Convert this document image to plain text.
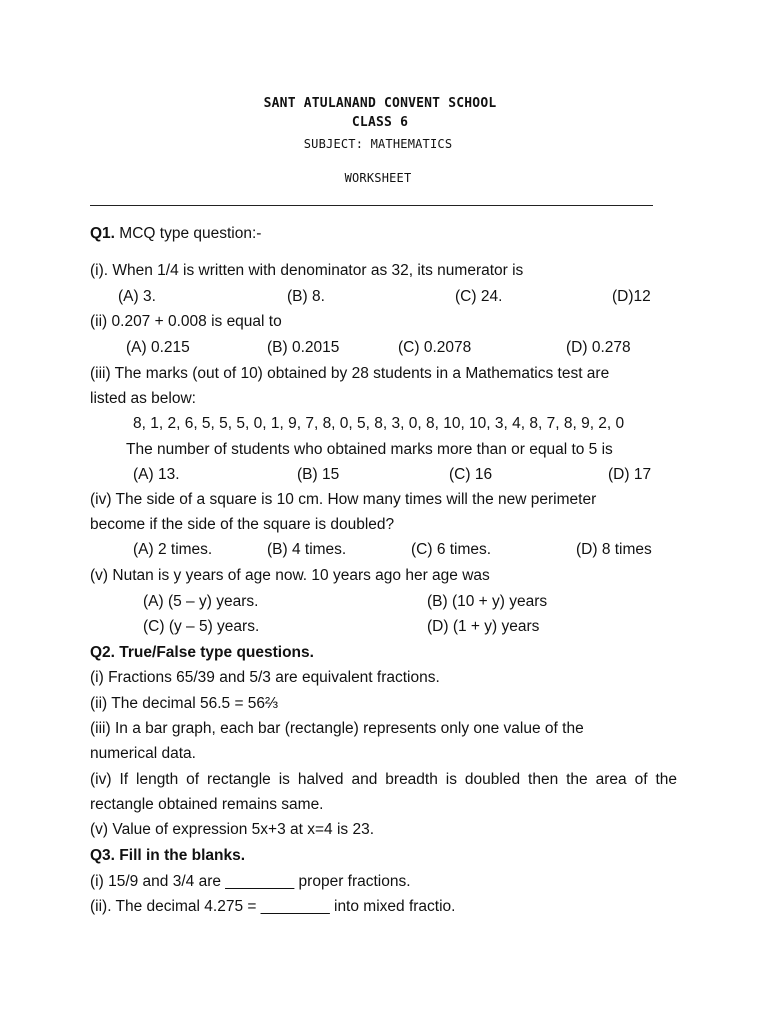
SANT ATULANAND CONVENT SCHOOL
CLASS 6
SUBJECT: MATHEMATICS
WORKSHEET
Q1. MCQ type question:-
(i). When 1/4 is written with denominator as 32, its numerator is
(A) 3.	(B) 8.	(C) 24.	(D)12
(ii) 0.207 + 0.008 is equal to
(A) 0.215	(B) 0.2015	(C) 0.2078	(D) 0.278
(iii) The marks (out of 10) obtained by 28 students in a Mathematics test are
listed as below:
8, 1, 2, 6, 5, 5, 5, 0, 1, 9, 7, 8, 0, 5, 8, 3, 0, 8, 10, 10, 3, 4, 8, 7, 8, 9, 2, 0
The number of students who obtained marks more than or equal to 5 is
(A) 13.	(B) 15	(C) 16	(D) 17
(iv) The side of a square is 10 cm. How many times will the new perimeter
become if the side of the square is doubled?
(A) 2 times.	(B) 4 times.	(C) 6 times.	(D) 8 times
(v) Nutan is y years of age now. 10 years ago her age was
(A) (5 – y) years.	(B) (10 + y) years
(C) (y – 5) years.	(D) (1 + y) years
Q2. True/False type questions.
(i) Fractions 65/39 and 5/3 are equivalent fractions.
(ii) The decimal 56.5 = 56⅔
(iii) In a bar graph, each bar (rectangle) represents only one value of the
numerical data.
(iv) If length of rectangle is halved and breadth is doubled then the area of the
rectangle obtained remains same.
(v) Value of expression 5x+3 at x=4 is 23.
Q3. Fill in the blanks.
(i) 15/9 and 3/4 are ________ proper fractions.
(ii). The decimal 4.275 = ________ into mixed fractio.
